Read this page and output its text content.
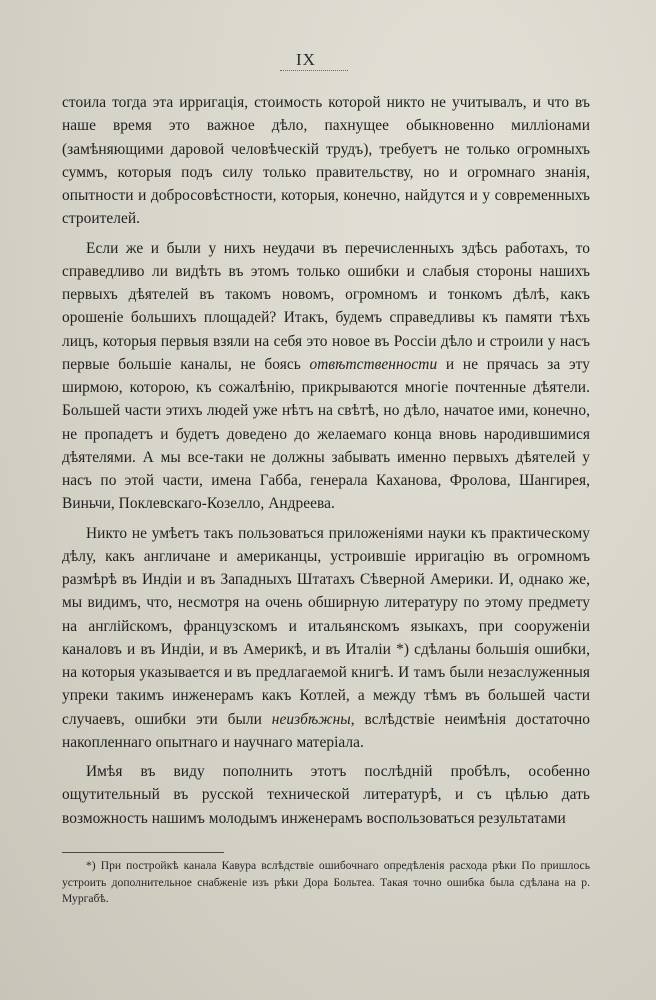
IX

стоила тогда эта ирригація, стоимость которой никто не учитывалъ, и что въ наше время это важное дѣло, пахнущее обыкновенно милліонами (замѣняющими даровой человѣческій трудъ), требуетъ не только огромныхъ суммъ, которыя подъ силу только правительству, но и огромнаго знанія, опытности и добросовѣстности, которыя, конечно, найдутся и у современныхъ строителей.

Если же и были у нихъ неудачи въ перечисленныхъ здѣсь работахъ, то справедливо ли видѣть въ этомъ только ошибки и слабыя стороны нашихъ первыхъ дѣятелей въ такомъ новомъ, огромномъ и тонкомъ дѣлѣ, какъ орошеніе большихъ площадей? Итакъ, будемъ справедливы къ памяти тѣхъ лицъ, которыя первыя взяли на себя это новое въ Россіи дѣло и строили у насъ первые большіе каналы, не боясь отвѣтственности и не прячась за эту ширмою, которою, къ сожалѣнію, прикрываются многіе почтенные дѣятели. Большей части этихъ людей уже нѣтъ на свѣтѣ, но дѣло, начатое ими, конечно, не пропадетъ и будетъ доведено до желаемаго конца вновь народившимися дѣятелями. А мы все-таки не должны забывать именно первыхъ дѣятелей у насъ по этой части, имена Габба, генерала Каханова, Фролова, Шангирея, Виньчи, Поклевскаго-Козелло, Андреева.

Никто не умѣетъ такъ пользоваться приложеніями науки къ практическому дѣлу, какъ англичане и американцы, устроившіе ирригацію въ огромномъ размѣрѣ въ Индіи и въ Западныхъ Штатахъ Сѣверной Америки. И, однако же, мы видимъ, что, несмотря на очень обширную литературу по этому предмету на англійскомъ, французскомъ и итальянскомъ языкахъ, при сооруженіи каналовъ и въ Индіи, и въ Америкѣ, и въ Италіи *) сдѣланы большія ошибки, на которыя указывается и въ предлагаемой книгѣ. И тамъ были незаслуженныя упреки такимъ инженерамъ какъ Котлей, а между тѣмъ въ большей части случаевъ, ошибки эти были неизбѣжны, вслѣдствіе неимѣнія достаточно накопленнаго опытнаго и научнаго матеріала.

Имѣя въ виду пополнить этотъ послѣдній пробѣлъ, особенно ощутительный въ русской технической литературѣ, и съ цѣлью дать возможность нашимъ молодымъ инженерамъ воспользоваться результатами

*) При постройкѣ канала Кавура вслѣдствіе ошибочнаго опредѣленія расхода рѣки По пришлось устроить дополнительное снабженіе изъ рѣки Дора Больтеа. Такая точно ошибка была сдѣлана на р. Мургабѣ.
